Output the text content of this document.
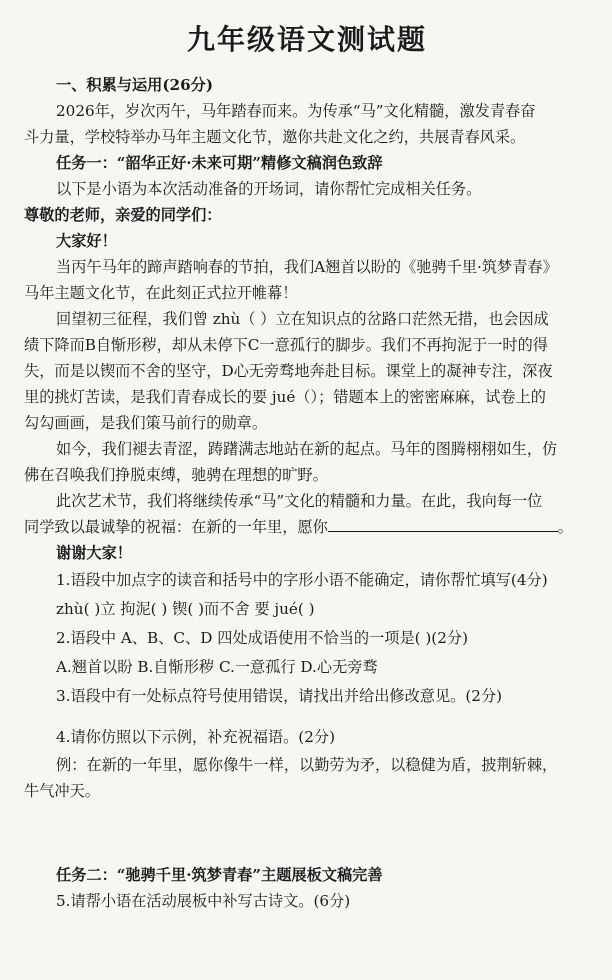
九年级语文测试题
一、积累与运用(26分)
2026年，岁次丙午，马年踏春而来。为传承“马”文化精髓，激发青春奋
斗力量，学校特举办马年主题文化节，邀你共赴文化之约，共展青春风采。
任务一：“韶华正好·未来可期”精修文稿润色致辞
以下是小语为本次活动准备的开场词，请你帮忙完成相关任务。
尊敬的老师，亲爱的同学们：
大家好！
当丙午马年的蹄声踏响春的节拍，我们A翘首以盼的《驰骋千里·筑梦青春》
马年主题文化节，在此刻正式拉开帷幕！
回望初三征程，我们曾 zhù（ ）立在知识点的岔路口茫然无措，也会因成
绩下降而B自惭形秽，却从未停下C一意孤行的脚步。我们不再拘泥于一时的得
失，而是以锲而不舍的坚守，D心无旁骛地奔赴目标。课堂上的凝神专注，深夜
里的挑灯苦读，是我们青春成长的要 jué（）；错题本上的密密麻麻，试卷上的
勾勾画画，是我们策马前行的勋章。
如今，我们褪去青涩，踌躇满志地站在新的起点。马年的图腾栩栩如生，仿
佛在召唤我们挣脱束缚，驰骋在理想的旷野。
此次艺术节，我们将继续传承“马”文化的精髓和力量。在此，我向每一位
同学致以最诚挚的祝福：在新的一年里，愿你	。
谢谢大家！
1.语段中加点字的读音和括号中的字形小语不能确定，请你帮忙填写(4分)
zhù( )立 拘泥( ) 锲( )而不舍 要 jué( )
2.语段中 A、B、C、D 四处成语使用不恰当的一项是( )(2分)
A.翘首以盼 B.自惭形秽 C.一意孤行 D.心无旁骛
3.语段中有一处标点符号使用错误，请找出并给出修改意见。(2分)
4.请你仿照以下示例，补充祝福语。(2分)
例：在新的一年里，愿你像牛一样，以勤劳为矛，以稳健为盾，披荆斩棘，
牛气冲天。
任务二：“驰骋千里·筑梦青春”主题展板文稿完善
5.请帮小语在活动展板中补写古诗文。(6分)
